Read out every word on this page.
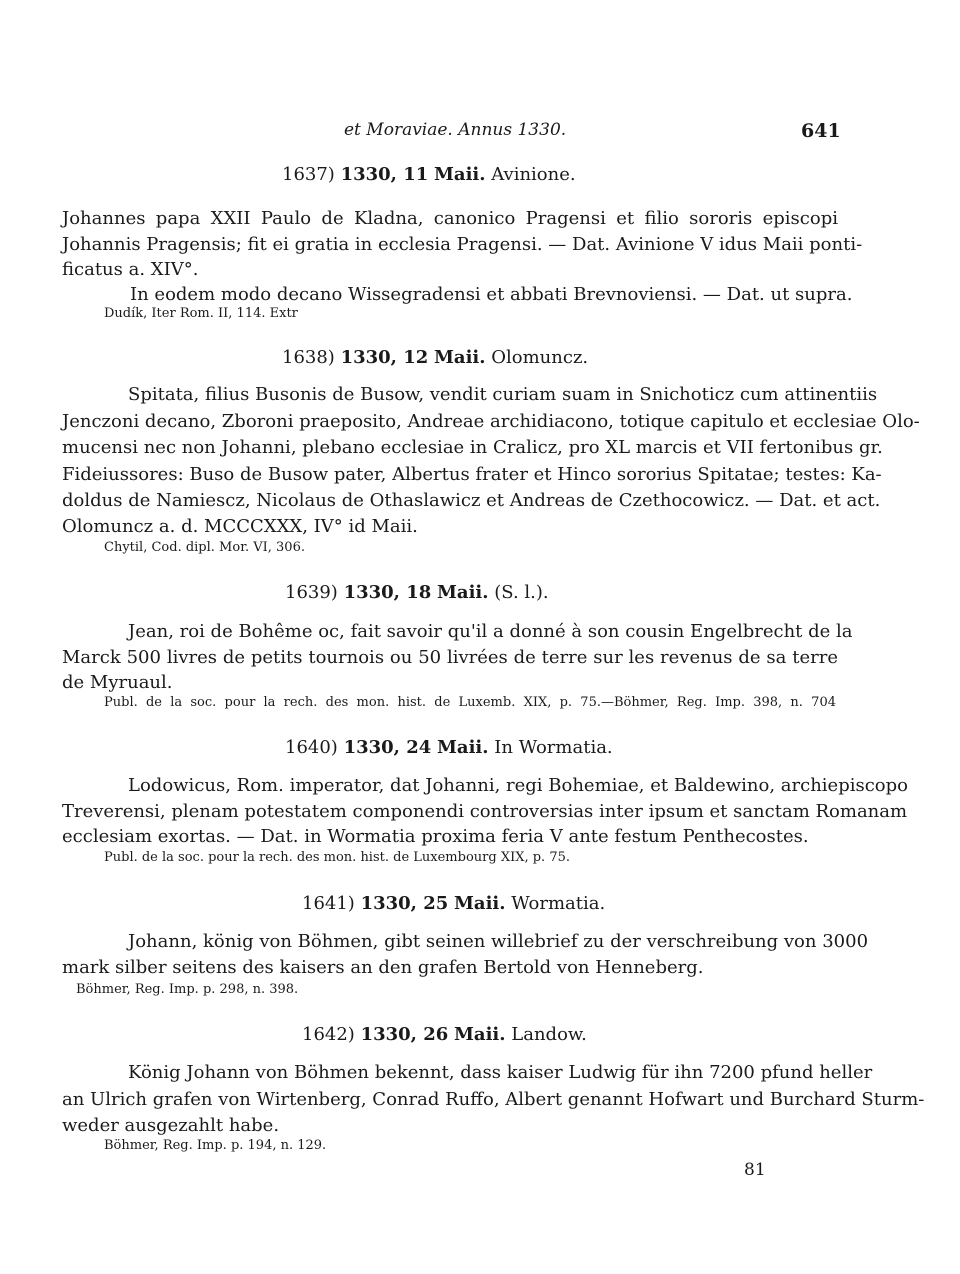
et Moraviae. Annus 1330.	641
1637) 1330, 11 Maii. Avinione.
Johannes papa XXII Paulo de Kladna, canonico Pragensi et filio sororis episcopi
Johannis Pragensis; fit ei gratia in ecclesia Pragensi. — Dat. Avinione V idus Maii ponti-
ficatus a. XIV°.
In eodem modo decano Wissegradensi et abbati Brevnoviensi. — Dat. ut supra.
Dudík, Iter Rom. II, 114. Extr
1638) 1330, 12 Maii. Olomuncz.
Spitata, filius Busonis de Busow, vendit curiam suam in Snichoticz cum attinentiis
Jenczoni decano, Zboroni praeposito, Andreae archidiacono, totique capitulo et ecclesiae Olo-
mucensi nec non Johanni, plebano ecclesiae in Cralicz, pro XL marcis et VII fertonibus gr.
Fideiussores: Buso de Busow pater, Albertus frater et Hinco sororius Spitatae; testes: Ka-
doldus de Namiescz, Nicolaus de Othaslawicz et Andreas de Czethocowicz. — Dat. et act.
Olomuncz a. d. MCCCXXX, IV° id Maii.
Chytil, Cod. dipl. Mor. VI, 306.
1639) 1330, 18 Maii. (S. l.).
Jean, roi de Bohême oc, fait savoir qu'il a donné à son cousin Engelbrecht de la
Marck 500 livres de petits tournois ou 50 livrées de terre sur les revenus de sa terre
de Myruaul.
Publ. de la soc. pour la rech. des mon. hist. de Luxemb. XIX, p. 75.—Böhmer, Reg. Imp. 398, n. 704
1640) 1330, 24 Maii. In Wormatia.
Lodowicus, Rom. imperator, dat Johanni, regi Bohemiae, et Baldewino, archiepiscopo
Treverensi, plenam potestatem componendi controversias inter ipsum et sanctam Romanam
ecclesiam exortas. — Dat. in Wormatia proxima feria V ante festum Penthecostes.
Publ. de la soc. pour la rech. des mon. hist. de Luxembourg XIX, p. 75.
1641) 1330, 25 Maii. Wormatia.
Johann, könig von Böhmen, gibt seinen willebrief zu der verschreibung von 3000
mark silber seitens des kaisers an den grafen Bertold von Henneberg.
Böhmer, Reg. Imp. p. 298, n. 398.
1642) 1330, 26 Maii. Landow.
König Johann von Böhmen bekennt, dass kaiser Ludwig für ihn 7200 pfund heller
an Ulrich grafen von Wirtenberg, Conrad Ruffo, Albert genannt Hofwart und Burchard Sturm-
weder ausgezahlt habe.
Böhmer, Reg. Imp. p. 194, n. 129.
81
